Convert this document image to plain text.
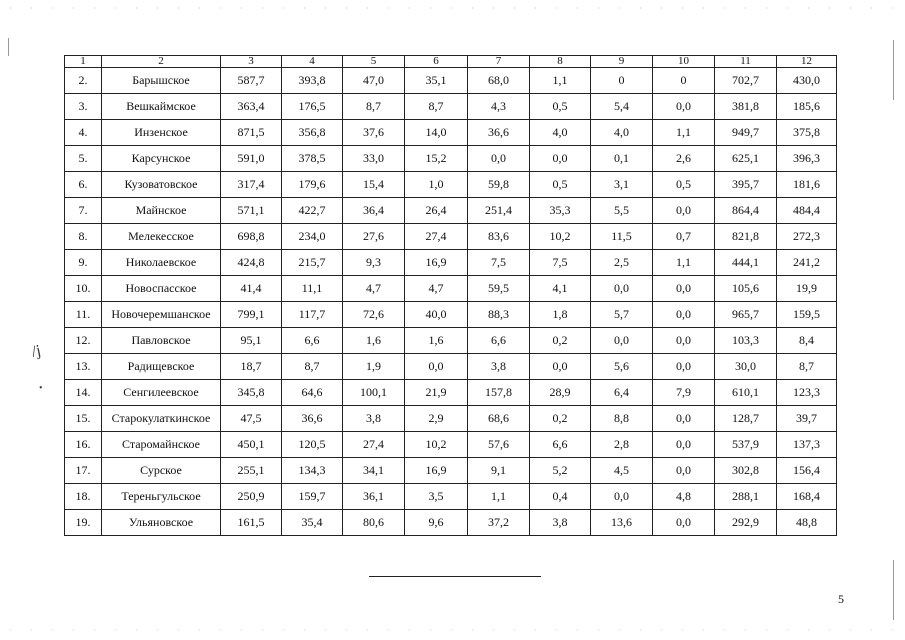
/j
•
1	2	3	4	5	6	7	8	9	10	11	12
2.	Барышское	587,7	393,8	47,0	35,1	68,0	1,1	0	0	702,7	430,0
3.	Вешкаймское	363,4	176,5	8,7	8,7	4,3	0,5	5,4	0,0	381,8	185,6
4.	Инзенское	871,5	356,8	37,6	14,0	36,6	4,0	4,0	1,1	949,7	375,8
5.	Карсунское	591,0	378,5	33,0	15,2	0,0	0,0	0,1	2,6	625,1	396,3
6.	Кузоватовское	317,4	179,6	15,4	1,0	59,8	0,5	3,1	0,5	395,7	181,6
7.	Майнское	571,1	422,7	36,4	26,4	251,4	35,3	5,5	0,0	864,4	484,4
8.	Мелекесское	698,8	234,0	27,6	27,4	83,6	10,2	11,5	0,7	821,8	272,3
9.	Николаевское	424,8	215,7	9,3	16,9	7,5	7,5	2,5	1,1	444,1	241,2
10.	Новоспасское	41,4	11,1	4,7	4,7	59,5	4,1	0,0	0,0	105,6	19,9
11.	Новочеремшанское	799,1	117,7	72,6	40,0	88,3	1,8	5,7	0,0	965,7	159,5
12.	Павловское	95,1	6,6	1,6	1,6	6,6	0,2	0,0	0,0	103,3	8,4
13.	Радищевское	18,7	8,7	1,9	0,0	3,8	0,0	5,6	0,0	30,0	8,7
14.	Сенгилеевское	345,8	64,6	100,1	21,9	157,8	28,9	6,4	7,9	610,1	123,3
15.	Старокулаткинское	47,5	36,6	3,8	2,9	68,6	0,2	8,8	0,0	128,7	39,7
16.	Старомайнское	450,1	120,5	27,4	10,2	57,6	6,6	2,8	0,0	537,9	137,3
17.	Сурское	255,1	134,3	34,1	16,9	9,1	5,2	4,5	0,0	302,8	156,4
18.	Тереньгульское	250,9	159,7	36,1	3,5	1,1	0,4	0,0	4,8	288,1	168,4
19.	Ульяновское	161,5	35,4	80,6	9,6	37,2	3,8	13,6	0,0	292,9	48,8
5
